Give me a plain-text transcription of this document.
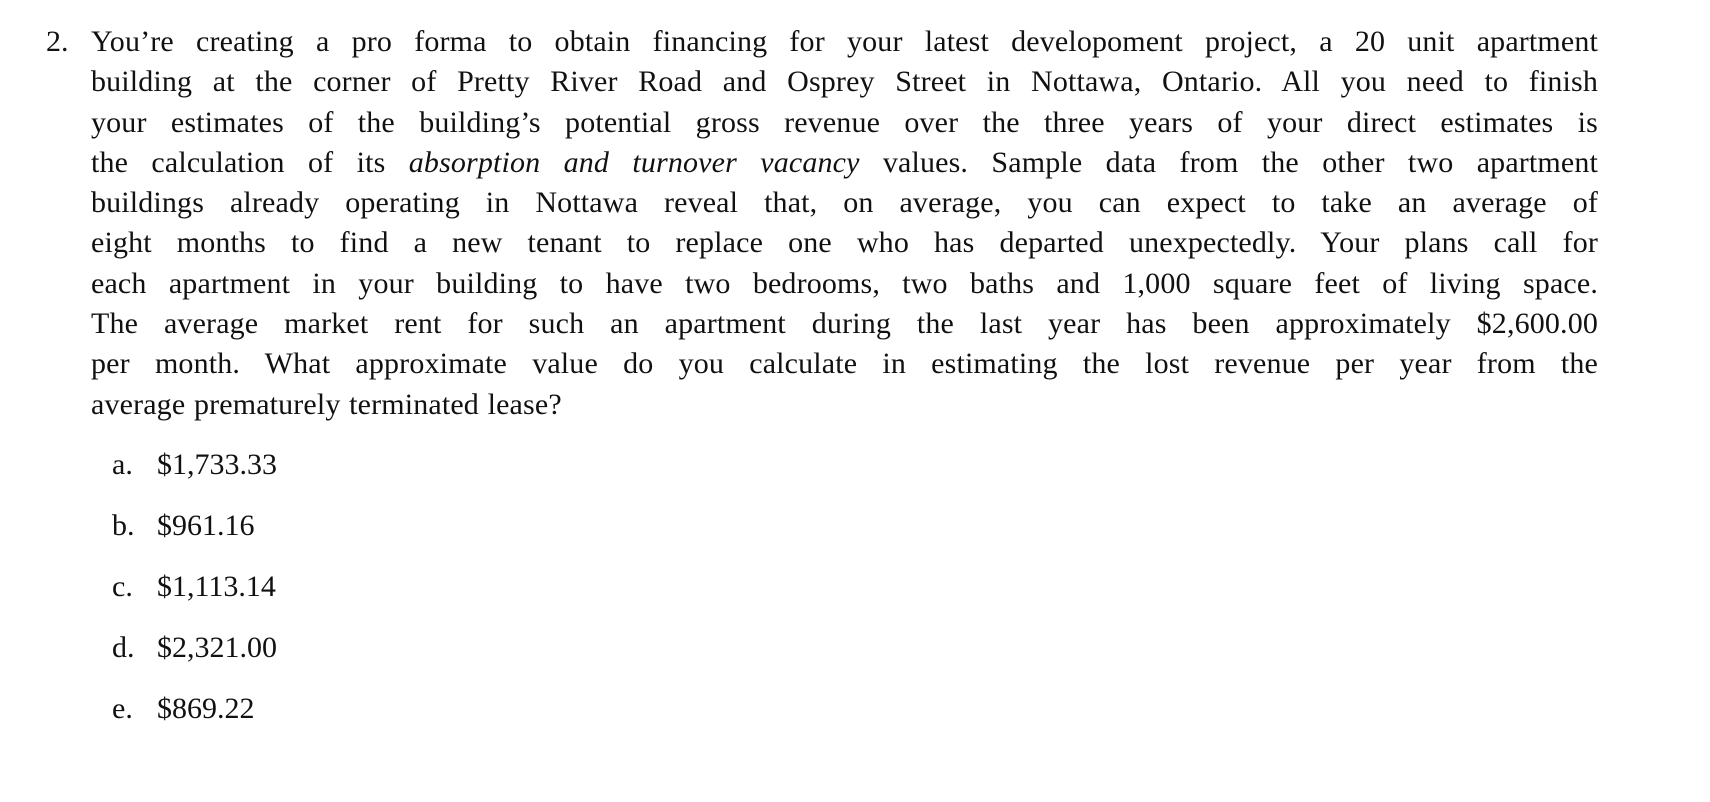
2. You’re creating a pro forma to obtain financing for your latest developoment project, a 20 unit apartment
building at the corner of Pretty River Road and Osprey Street in Nottawa, Ontario. All you need to finish
your estimates of the building’s potential gross revenue over the three years of your direct estimates is
the calculation of its absorption and turnover vacancy values. Sample data from the other two apartment
buildings already operating in Nottawa reveal that, on average, you can expect to take an average of
eight months to find a new tenant to replace one who has departed unexpectedly. Your plans call for
each apartment in your building to have two bedrooms, two baths and 1,000 square feet of living space.
The average market rent for such an apartment during the last year has been approximately $2,600.00
per month. What approximate value do you calculate in estimating the lost revenue per year from the
average prematurely terminated lease?
a. $1,733.33
b. $961.16
c. $1,113.14
d. $2,321.00
e. $869.22
